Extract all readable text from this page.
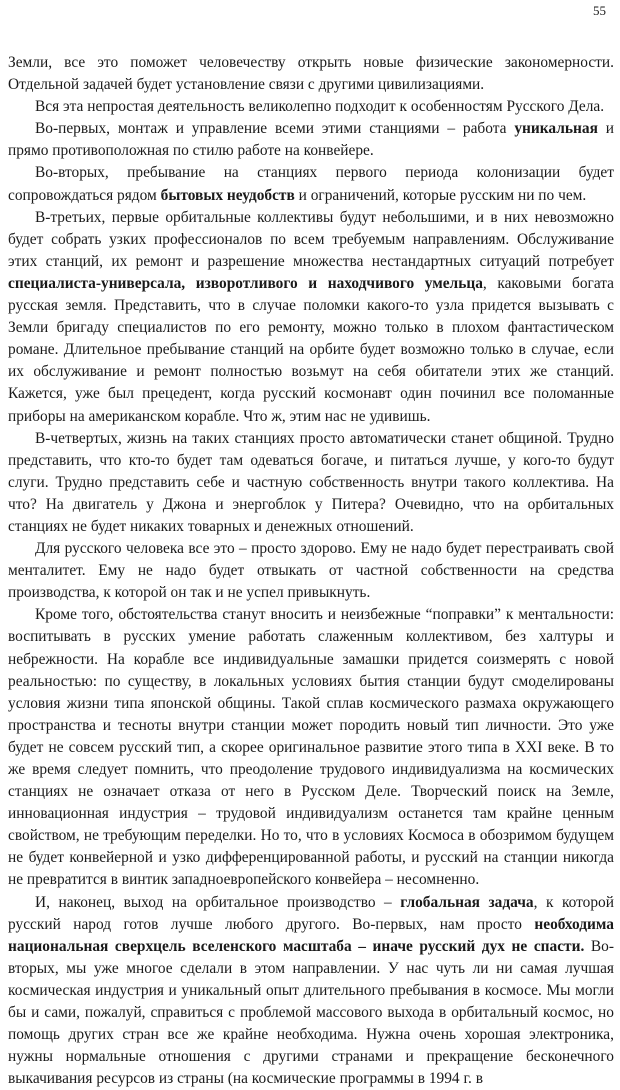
55

Земли, все это поможет человечеству открыть новые физические закономерности. Отдельной задачей будет установление связи с другими цивилизациями.

Вся эта непростая деятельность великолепно подходит к особенностям Русского Дела.

Во-первых, монтаж и управление всеми этими станциями – работа уникальная и прямо противоположная по стилю работе на конвейере.

Во-вторых, пребывание на станциях первого периода колонизации будет сопровождаться рядом бытовых неудобств и ограничений, которые русским ни по чем.

В-третьих, первые орбитальные коллективы будут небольшими, и в них невозможно будет собрать узких профессионалов по всем требуемым направлениям. Обслуживание этих станций, их ремонт и разрешение множества нестандартных ситуаций потребует специалиста-универсала, изворотливого и находчивого умельца, каковыми богата русская земля. Представить, что в случае поломки какого-то узла придется вызывать с Земли бригаду специалистов по его ремонту, можно только в плохом фантастическом романе. Длительное пребывание станций на орбите будет возможно только в случае, если их обслуживание и ремонт полностью возьмут на себя обитатели этих же станций. Кажется, уже был прецедент, когда русский космонавт один починил все поломанные приборы на американском корабле. Что ж, этим нас не удивишь.

В-четвертых, жизнь на таких станциях просто автоматически станет общиной. Трудно представить, что кто-то будет там одеваться богаче, и питаться лучше, у кого-то будут слуги. Трудно представить себе и частную собственность внутри такого коллектива. На что? На двигатель у Джона и энергоблок у Питера? Очевидно, что на орбитальных станциях не будет никаких товарных и денежных отношений.

Для русского человека все это – просто здорово. Ему не надо будет перестраивать свой менталитет. Ему не надо будет отвыкать от частной собственности на средства производства, к которой он так и не успел привыкнуть.

Кроме того, обстоятельства станут вносить и неизбежные “поправки” к ментальности: воспитывать в русских умение работать слаженным коллективом, без халтуры и небрежности. На корабле все индивидуальные замашки придется соизмерять с новой реальностью: по существу, в локальных условиях бытия станции будут смоделированы условия жизни типа японской общины. Такой сплав космического размаха окружающего пространства и тесноты внутри станции может породить новый тип личности. Это уже будет не совсем русский тип, а скорее оригинальное развитие этого типа в XXI веке. В то же время следует помнить, что преодоление трудового индивидуализма на космических станциях не означает отказа от него в Русском Деле. Творческий поиск на Земле, инновационная индустрия – трудовой индивидуализм останется там крайне ценным свойством, не требующим переделки. Но то, что в условиях Космоса в обозримом будущем не будет конвейерной и узко дифференцированной работы, и русский на станции никогда не превратится в винтик западноевропейского конвейера – несомненно.

И, наконец, выход на орбитальное производство – глобальная задача, к которой русский народ готов лучше любого другого. Во-первых, нам просто необходима национальная сверхцель вселенского масштаба – иначе русский дух не спасти. Во-вторых, мы уже многое сделали в этом направлении. У нас чуть ли ни самая лучшая космическая индустрия и уникальный опыт длительного пребывания в космосе. Мы могли бы и сами, пожалуй, справиться с проблемой массового выхода в орбитальный космос, но помощь других стран все же крайне необходима. Нужна очень хорошая электроника, нужны нормальные отношения с другими странами и прекращение бесконечного выкачивания ресурсов из страны (на космические программы в 1994 г. в
